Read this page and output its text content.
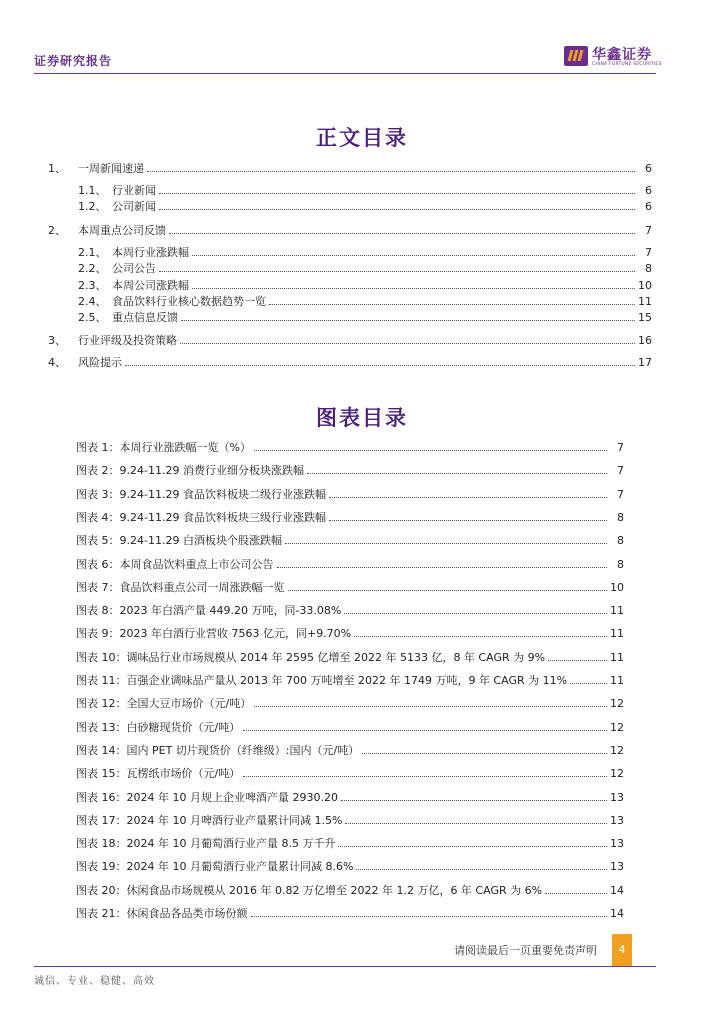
证券研究报告	华鑫证券
CHINA FORTUNE SECURITIES
正文目录
1、	一周新闻速递	6
1.1、 行业新闻	6
1.2、 公司新闻	6
2、	本周重点公司反馈	7
2.1、 本周行业涨跌幅	7
2.2、 公司公告	8
2.3、 本周公司涨跌幅	10
2.4、 食品饮料行业核心数据趋势一览	11
2.5、 重点信息反馈	15
3、	行业评级及投资策略	16
4、	风险提示	17
图表目录
图表 1：本周行业涨跌幅一览（%）	7
图表 2：9.24-11.29 消费行业细分板块涨跌幅	7
图表 3：9.24-11.29 食品饮料板块二级行业涨跌幅	7
图表 4：9.24-11.29 食品饮料板块三级行业涨跌幅	8
图表 5：9.24-11.29 白酒板块个股涨跌幅	8
图表 6：本周食品饮料重点上市公司公告	8
图表 7：食品饮料重点公司一周涨跌幅一览	10
图表 8：2023 年白酒产量 449.20 万吨，同-33.08%	11
图表 9：2023 年白酒行业营收 7563 亿元，同+9.70%	11
图表 10：调味品行业市场规模从 2014 年 2595 亿增至 2022 年 5133 亿，8 年 CAGR 为 9%	11
图表 11：百强企业调味品产量从 2013 年 700 万吨增至 2022 年 1749 万吨，9 年 CAGR 为 11%	11
图表 12：全国大豆市场价（元/吨）	12
图表 13：白砂糖现货价（元/吨）	12
图表 14：国内 PET 切片现货价（纤维级）:国内（元/吨）	12
图表 15：瓦楞纸市场价（元/吨）	12
图表 16：2024 年 10 月规上企业啤酒产量 2930.20	13
图表 17：2024 年 10 月啤酒行业产量累计同减 1.5%	13
图表 18：2024 年 10 月葡萄酒行业产量 8.5 万千升	13
图表 19：2024 年 10 月葡萄酒行业产量累计同减 8.6%	13
图表 20：休闲食品市场规模从 2016 年 0.82 万亿增至 2022 年 1.2 万亿，6 年 CAGR 为 6%	14
图表 21：休闲食品各品类市场份额	14
请阅读最后一页重要免责声明	4
诚信、专业、稳健、高效
